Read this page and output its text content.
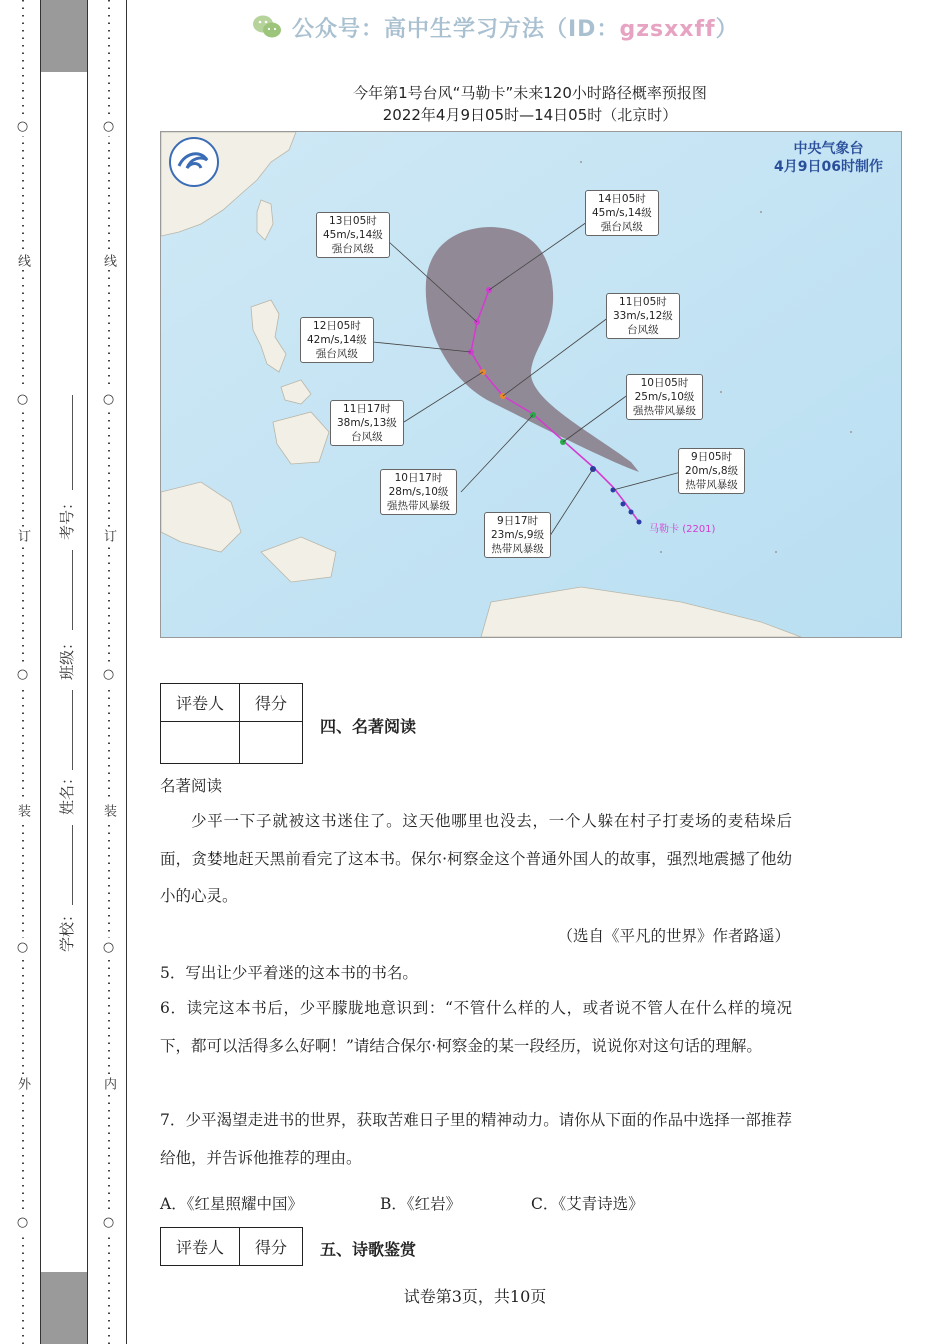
○
线
○
订
○
装
○
外
○
○
线
○
订
○
装
○
内
○
考号：
班级：
姓名：
学校：
公众号：高中生学习方法（ID：gzsxxff）
今年第1号台风“马勒卡”未来120小时路径概率预报图
2022年4月9日05时—14日05时（北京时）
中央气象台
4月9日06时制作
马勒卡 (2201)
14日05时
45m/s,14级
强台风级
13日05时
45m/s,14级
强台风级
12日05时
42m/s,14级
强台风级
11日05时
33m/s,12级
台风级
11日17时
38m/s,13级
台风级
10日05时
25m/s,10级
强热带风暴级
10日17时
28m/s,10级
强热带风暴级
9日05时
20m/s,8级
热带风暴级
9日17时
23m/s,9级
热带风暴级
评卷人	得分

四、名著阅读
名著阅读
少平一下子就被这书迷住了。这天他哪里也没去，一个人躲在村子打麦场的麦秸垛后面，贪婪地赶天黑前看完了这本书。保尔·柯察金这个普通外国人的故事，强烈地震撼了他幼小的心灵。
（选自《平凡的世界》作者路遥）
5．写出让少平着迷的这本书的书名。
6．读完这本书后，少平朦胧地意识到：“不管什么样的人，或者说不管人在什么样的境况下，都可以活得多么好啊！”请结合保尔·柯察金的某一段经历，说说你对这句话的理解。
7．少平渴望走进书的世界，获取苦难日子里的精神动力。请你从下面的作品中选择一部推荐给他，并告诉他推荐的理由。
A．《红星照耀中国》	B．《红岩》	C．《艾青诗选》
评卷人	得分 五、诗歌鉴赏
试卷第3页，共10页
